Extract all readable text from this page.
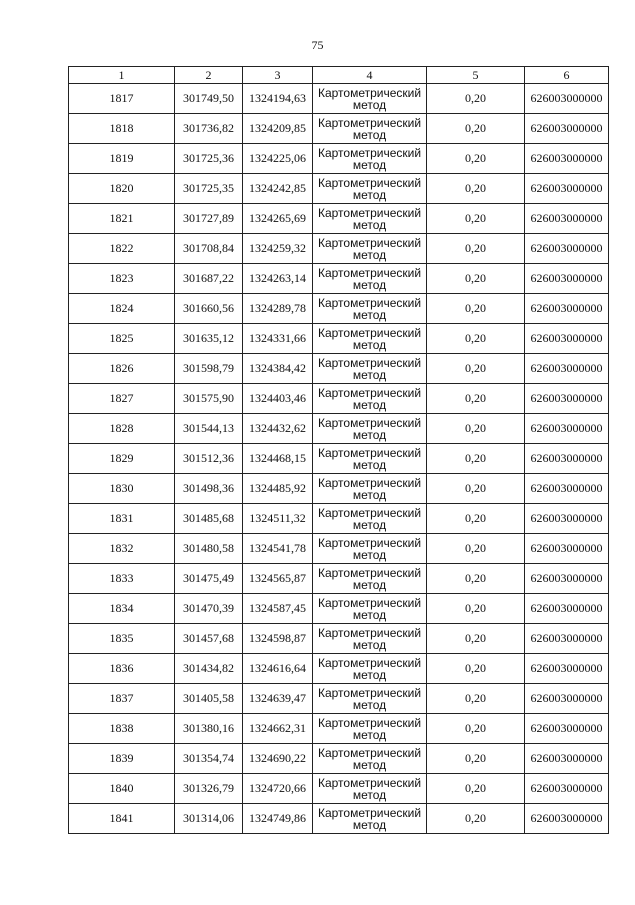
75
1	2	3	4	5	6
1817	301749,50	1324194,63	Картометрический метод	0,20	626003000000
1818	301736,82	1324209,85	Картометрический метод	0,20	626003000000
1819	301725,36	1324225,06	Картометрический метод	0,20	626003000000
1820	301725,35	1324242,85	Картометрический метод	0,20	626003000000
1821	301727,89	1324265,69	Картометрический метод	0,20	626003000000
1822	301708,84	1324259,32	Картометрический метод	0,20	626003000000
1823	301687,22	1324263,14	Картометрический метод	0,20	626003000000
1824	301660,56	1324289,78	Картометрический метод	0,20	626003000000
1825	301635,12	1324331,66	Картометрический метод	0,20	626003000000
1826	301598,79	1324384,42	Картометрический метод	0,20	626003000000
1827	301575,90	1324403,46	Картометрический метод	0,20	626003000000
1828	301544,13	1324432,62	Картометрический метод	0,20	626003000000
1829	301512,36	1324468,15	Картометрический метод	0,20	626003000000
1830	301498,36	1324485,92	Картометрический метод	0,20	626003000000
1831	301485,68	1324511,32	Картометрический метод	0,20	626003000000
1832	301480,58	1324541,78	Картометрический метод	0,20	626003000000
1833	301475,49	1324565,87	Картометрический метод	0,20	626003000000
1834	301470,39	1324587,45	Картометрический метод	0,20	626003000000
1835	301457,68	1324598,87	Картометрический метод	0,20	626003000000
1836	301434,82	1324616,64	Картометрический метод	0,20	626003000000
1837	301405,58	1324639,47	Картометрический метод	0,20	626003000000
1838	301380,16	1324662,31	Картометрический метод	0,20	626003000000
1839	301354,74	1324690,22	Картометрический метод	0,20	626003000000
1840	301326,79	1324720,66	Картометрический метод	0,20	626003000000
1841	301314,06	1324749,86	Картометрический метод	0,20	626003000000
